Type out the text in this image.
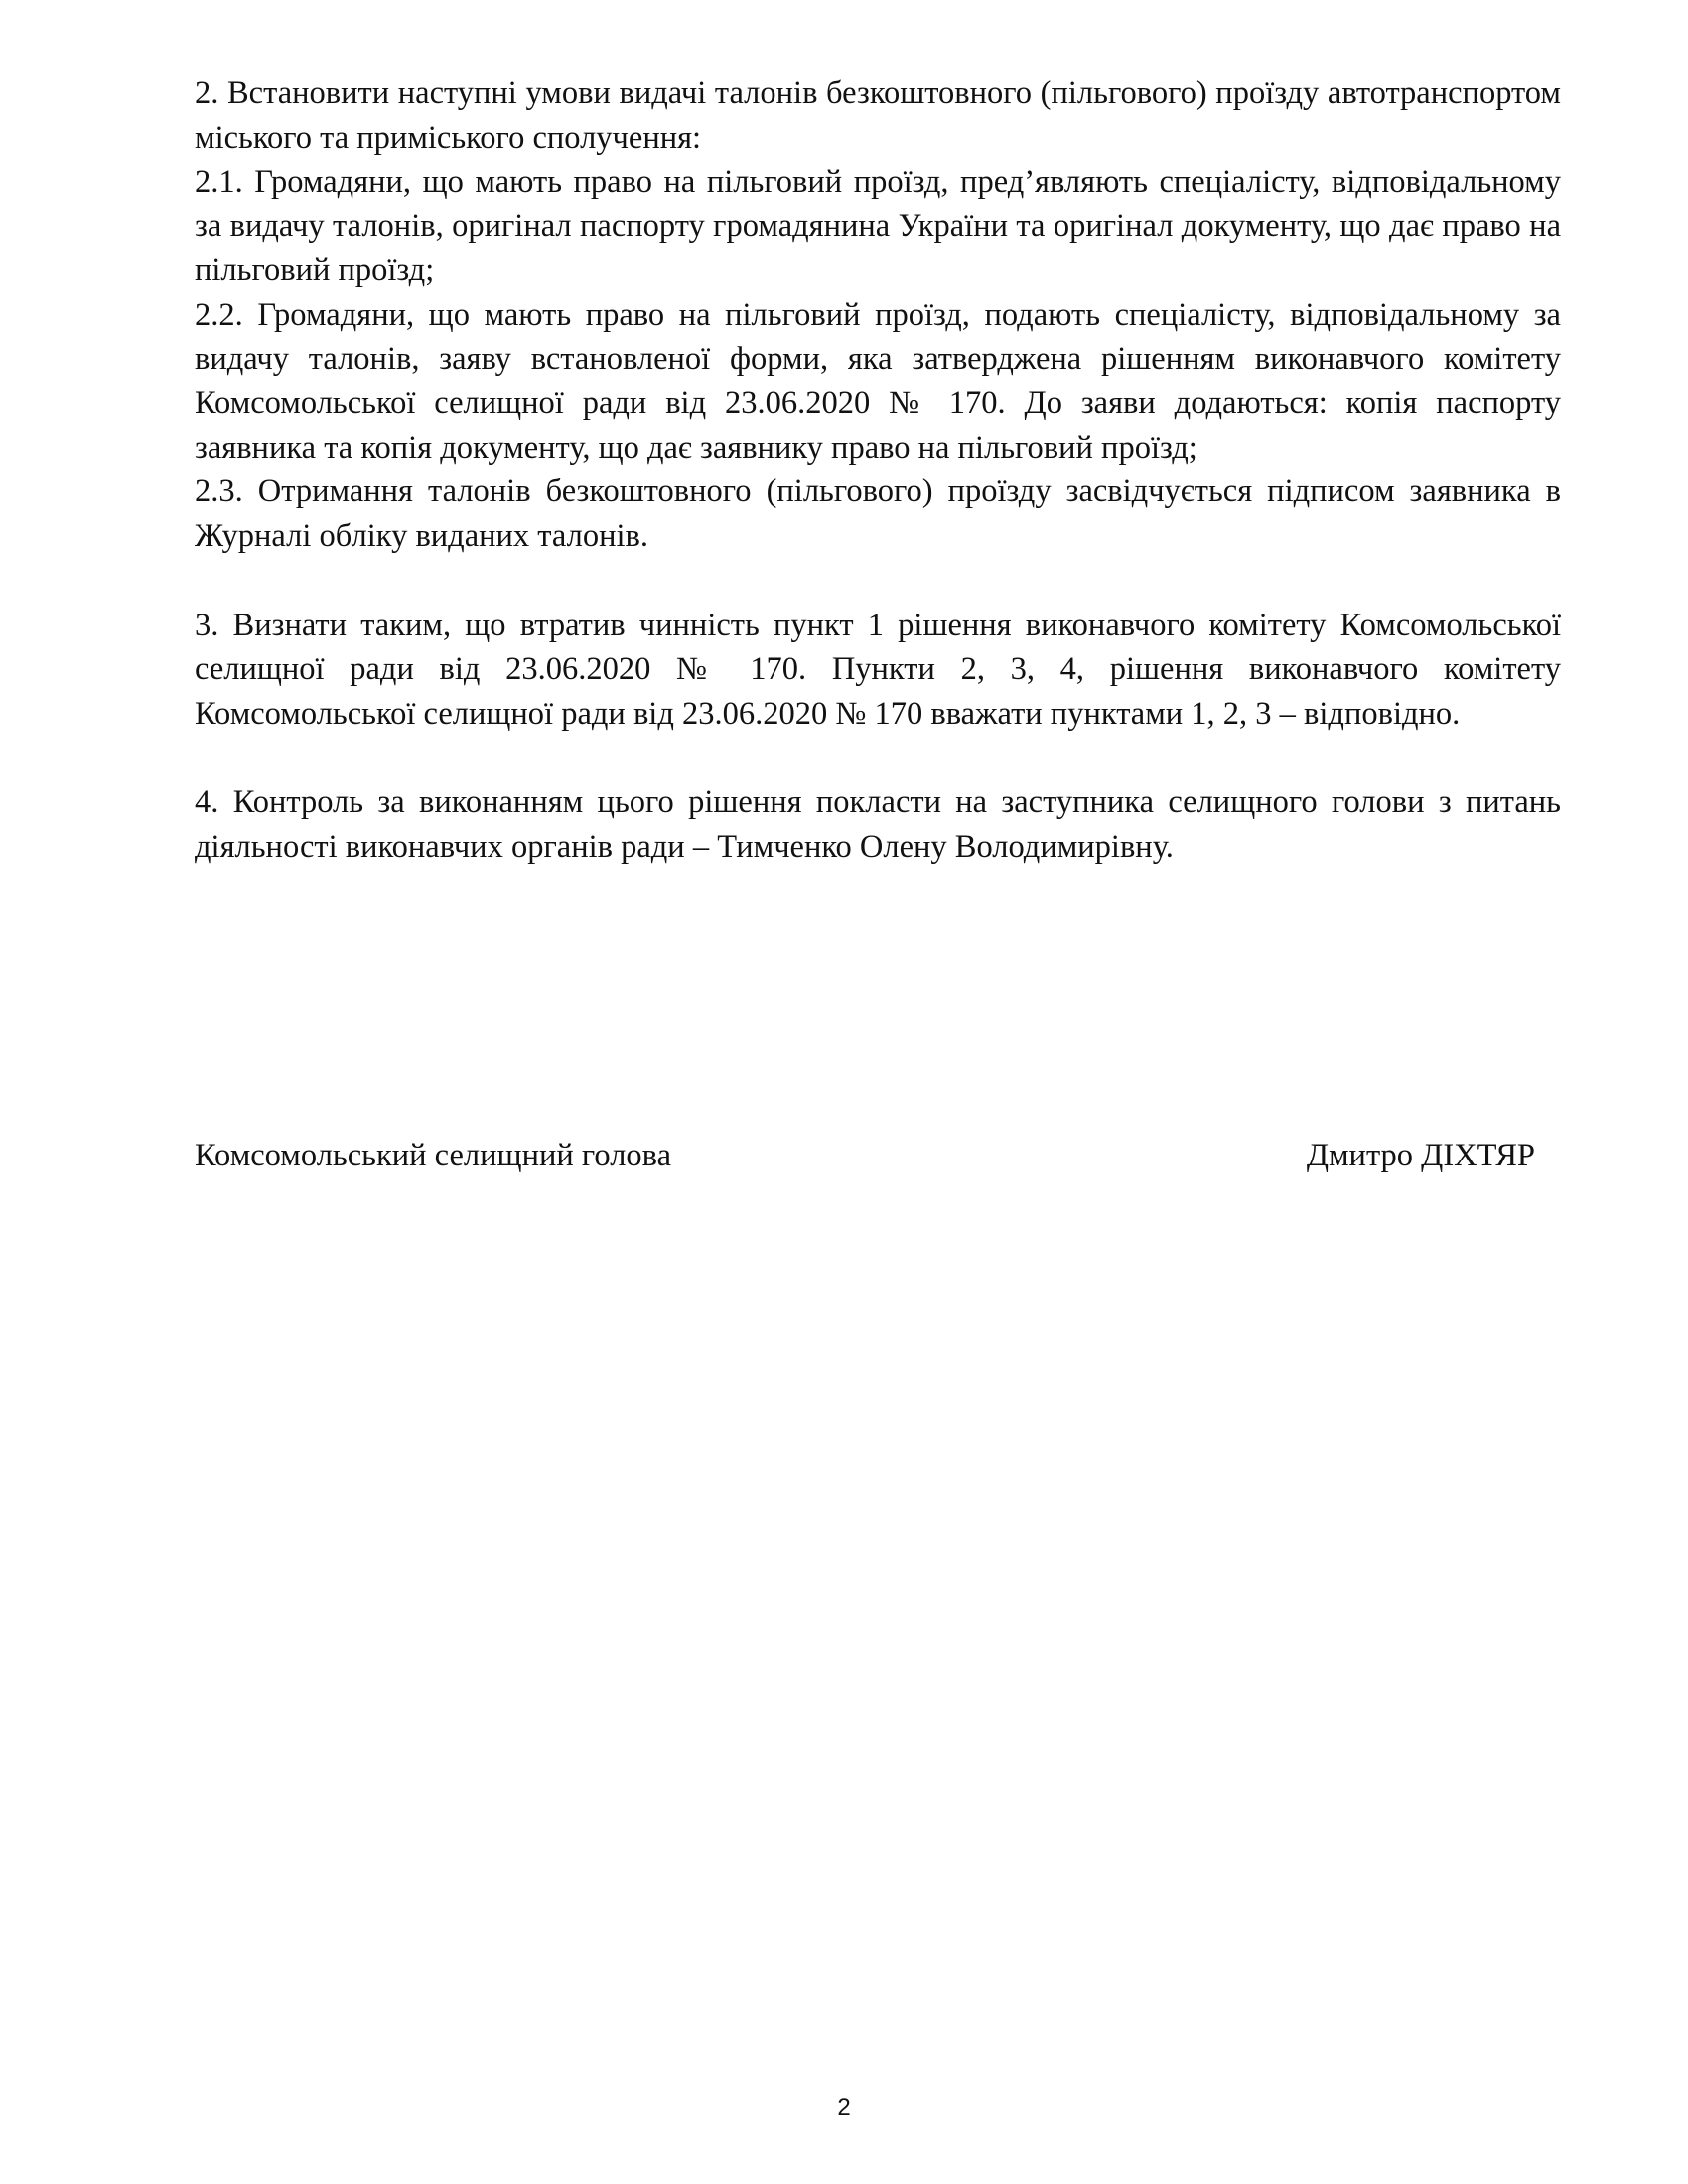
2. Встановити наступні умови видачі талонів безкоштовного (пільгового) проїзду автотранспортом міського та приміського сполучення:

2.1. Громадяни, що мають право на пільговий проїзд, пред’являють спеціалісту, відповідальному за видачу талонів, оригінал паспорту громадянина України та оригінал документу, що дає право на пільговий проїзд;

2.2. Громадяни, що мають право на пільговий проїзд, подають спеціалісту, відповідальному за видачу талонів, заяву встановленої форми, яка затверджена рішенням виконавчого комітету Комсомольської селищної ради від 23.06.2020 № 170. До заяви додаються: копія паспорту заявника та копія документу, що дає заявнику право на пільговий проїзд;

2.3. Отримання талонів безкоштовного (пільгового) проїзду засвідчується підписом заявника в Журналі обліку виданих талонів.

3. Визнати таким, що втратив чинність пункт 1 рішення виконавчого комітету Комсомольської селищної ради від 23.06.2020 № 170. Пункти 2, 3, 4, рішення виконавчого комітету Комсомольської селищної ради від 23.06.2020 № 170 вважати пунктами 1, 2, 3 – відповідно.

4. Контроль за виконанням цього рішення покласти на заступника селищного голови з питань діяльності виконавчих органів ради – Тимченко Олену Володимирівну.

Комсомольський селищний голова	Дмитро ДІХТЯР
2
